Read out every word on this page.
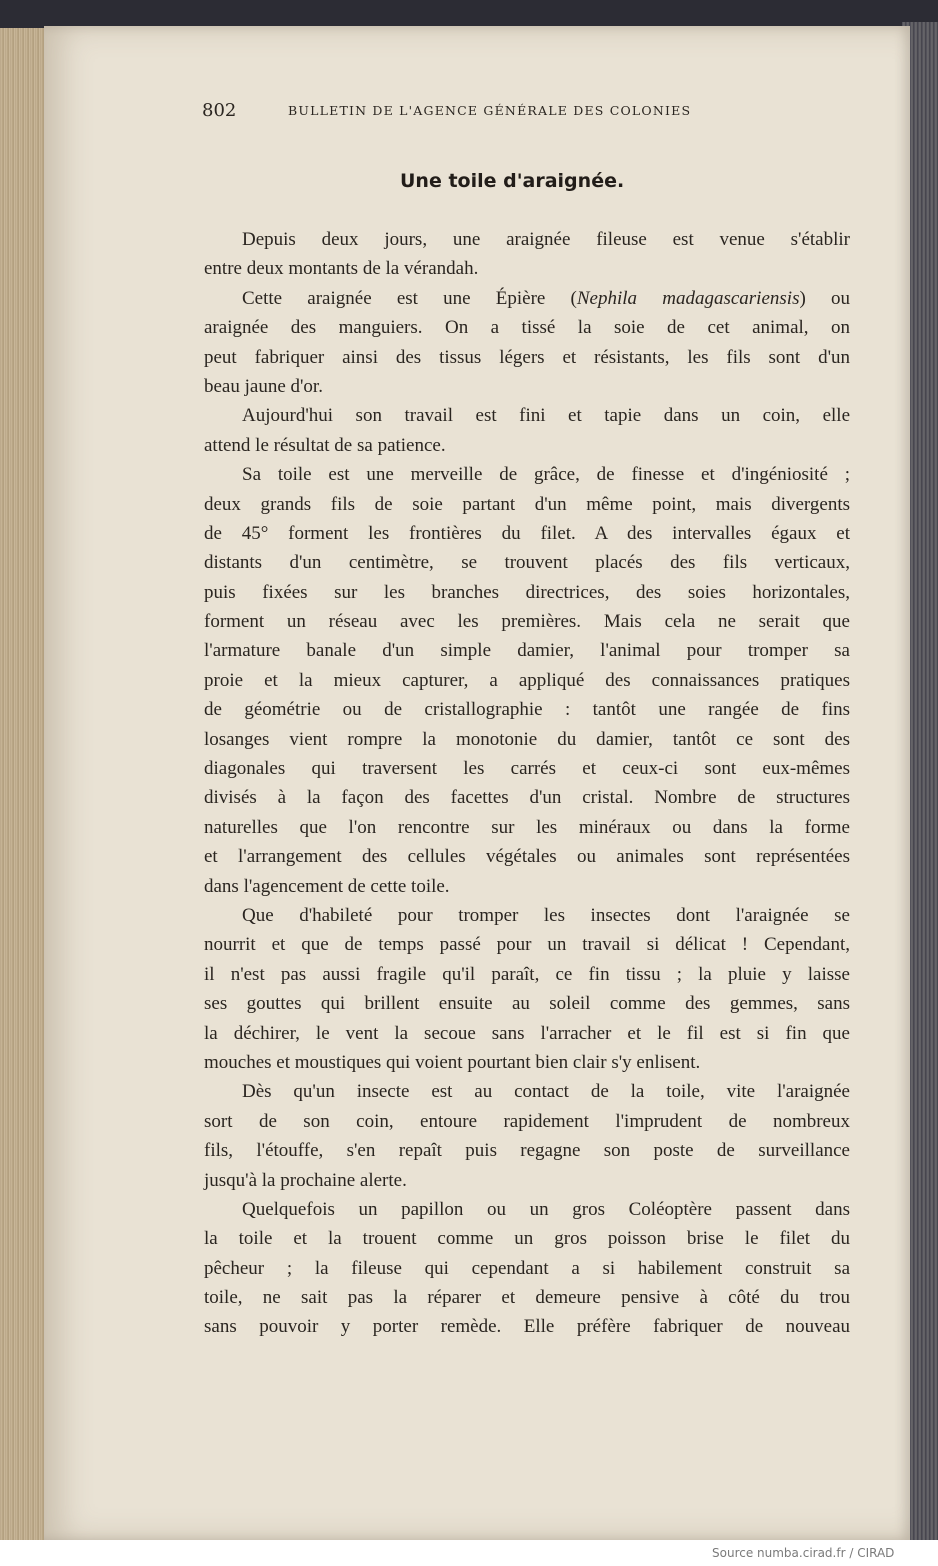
802	BULLETIN DE L'AGENCE GÉNÉRALE DES COLONIES
Une toile d'araignée.
Depuis deux jours, une araignée fileuse est venue s'établir
entre deux montants de la vérandah.
Cette araignée est une Épière (Nephila madagascariensis) ou
araignée des manguiers. On a tissé la soie de cet animal, on
peut fabriquer ainsi des tissus légers et résistants, les fils sont d'un
beau jaune d'or.
Aujourd'hui son travail est fini et tapie dans un coin, elle
attend le résultat de sa patience.
Sa toile est une merveille de grâce, de finesse et d'ingéniosité ;
deux grands fils de soie partant d'un même point, mais divergents
de 45° forment les frontières du filet. A des intervalles égaux et
distants d'un centimètre, se trouvent placés des fils verticaux,
puis fixées sur les branches directrices, des soies horizontales,
forment un réseau avec les premières. Mais cela ne serait que
l'armature banale d'un simple damier, l'animal pour tromper sa
proie et la mieux capturer, a appliqué des connaissances pratiques
de géométrie ou de cristallographie : tantôt une rangée de fins
losanges vient rompre la monotonie du damier, tantôt ce sont des
diagonales qui traversent les carrés et ceux-ci sont eux-mêmes
divisés à la façon des facettes d'un cristal. Nombre de structures
naturelles que l'on rencontre sur les minéraux ou dans la forme
et l'arrangement des cellules végétales ou animales sont représentées
dans l'agencement de cette toile.
Que d'habileté pour tromper les insectes dont l'araignée se
nourrit et que de temps passé pour un travail si délicat ! Cependant,
il n'est pas aussi fragile qu'il paraît, ce fin tissu ; la pluie y laisse
ses gouttes qui brillent ensuite au soleil comme des gemmes, sans
la déchirer, le vent la secoue sans l'arracher et le fil est si fin que
mouches et moustiques qui voient pourtant bien clair s'y enlisent.
Dès qu'un insecte est au contact de la toile, vite l'araignée
sort de son coin, entoure rapidement l'imprudent de nombreux
fils, l'étouffe, s'en repaît puis regagne son poste de surveillance
jusqu'à la prochaine alerte.
Quelquefois un papillon ou un gros Coléoptère passent dans
la toile et la trouent comme un gros poisson brise le filet du
pêcheur ; la fileuse qui cependant a si habilement construit sa
toile, ne sait pas la réparer et demeure pensive à côté du trou
sans pouvoir y porter remède. Elle préfère fabriquer de nouveau
Source numba.cirad.fr / CIRAD
